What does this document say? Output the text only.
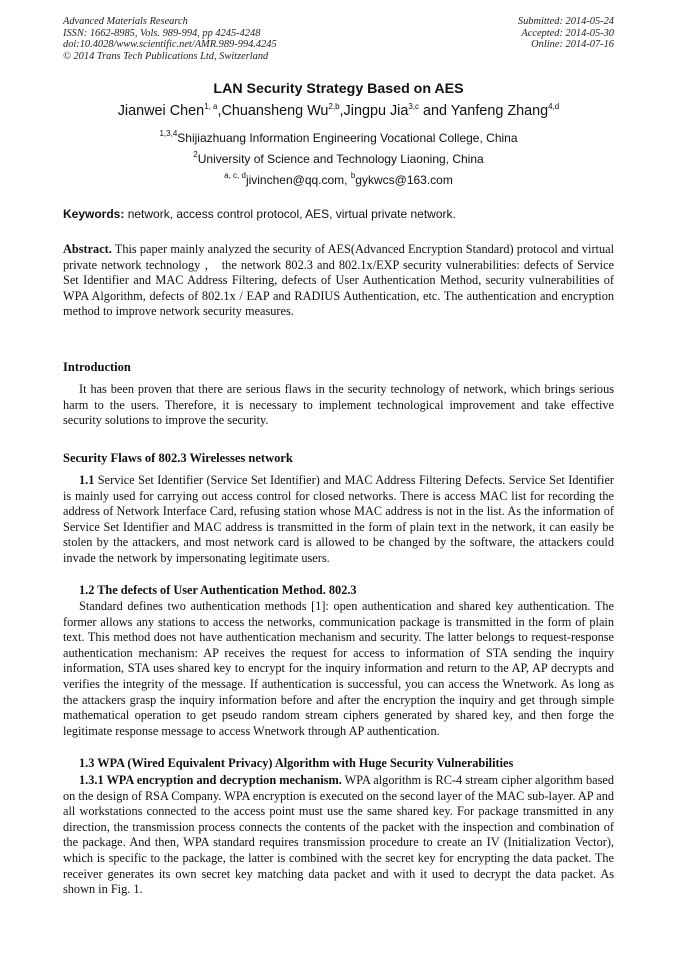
Advanced Materials Research
ISSN: 1662-8985, Vols. 989-994, pp 4245-4248
doi:10.4028/www.scientific.net/AMR.989-994.4245
© 2014 Trans Tech Publications Ltd, Switzerland
Submitted: 2014-05-24
Accepted: 2014-05-30
Online: 2014-07-16
LAN Security Strategy Based on AES
Jianwei Chen$^{1, a}$,Chuansheng Wu$^{2,b}$,Jingpu Jia$^{3,c}$ and Yanfeng Zhang$^{4,d}$
$^{1,3,4}$Shijiazhuang Information Engineering Vocational College, China
$^2$University of Science and Technology Liaoning, China
$^{a, c, d}$jivinchen@qq.com, $^b$gykwcs@163.com
Keywords: network, access control protocol, AES, virtual private network.
Abstract. This paper mainly analyzed the security of AES(Advanced Encryption Standard) protocol and virtual private network technology ， the network 802.3 and 802.1x/EXP security vulnerabilities: defects of Service Set Identifier and MAC Address Filtering, defects of User Authentication Method, security vulnerabilities of WPA Algorithm, defects of 802.1x / EAP and RADIUS Authentication, etc. The authentication and encryption method to improve network security measures.
Introduction
It has been proven that there are serious flaws in the security technology of network, which brings serious harm to the users. Therefore, it is necessary to implement technological improvement and take effective security solutions to improve the security.
Security Flaws of 802.3 Wirelesses network
1.1 Service Set Identifier (Service Set Identifier) and MAC Address Filtering Defects. Service Set Identifier is mainly used for carrying out access control for closed networks. There is access MAC list for recording the address of Network Interface Card, refusing station whose MAC address is not in the list. As the information of Service Set Identifier and MAC address is transmitted in the form of plain text in the network, it can easily be stolen by the attackers, and most network card is allowed to be changed by the software, the attackers could invade the network by impersonating legitimate users.
1.2 The defects of User Authentication Method. 802.3
Standard defines two authentication methods [1]: open authentication and shared key authentication. The former allows any stations to access the networks, communication package is transmitted in the form of plain text. This method does not have authentication mechanism and security. The latter belongs to request-response authentication mechanism: AP receives the request for access to information of STA sending the inquiry information, STA uses shared key to encrypt for the inquiry information and return to the AP, AP decrypts and verifies the integrity of the message. If authentication is successful, you can access the Wnetwork. As long as the attackers grasp the inquiry information before and after the encryption the inquiry and get through simple mathematical operation to get pseudo random stream ciphers generated by shared key, and then forge the legitimate response message to access Wnetwork through AP authentication.
1.3 WPA (Wired Equivalent Privacy) Algorithm with Huge Security Vulnerabilities
1.3.1 WPA encryption and decryption mechanism. WPA algorithm is RC-4 stream cipher algorithm based on the design of RSA Company. WPA encryption is executed on the second layer of the MAC sub-layer. AP and all workstations connected to the access point must use the same shared key. For package transmitted in any direction, the transmission process connects the contents of the packet with the inspection and combination of the package. And then, WPA standard requires transmission procedure to create an IV (Initialization Vector), which is specific to the package, the latter is combined with the secret key for encrypting the data packet. The receiver generates its own secret key matching data packet and with it used to decrypt the data packet. As shown in Fig. 1.
